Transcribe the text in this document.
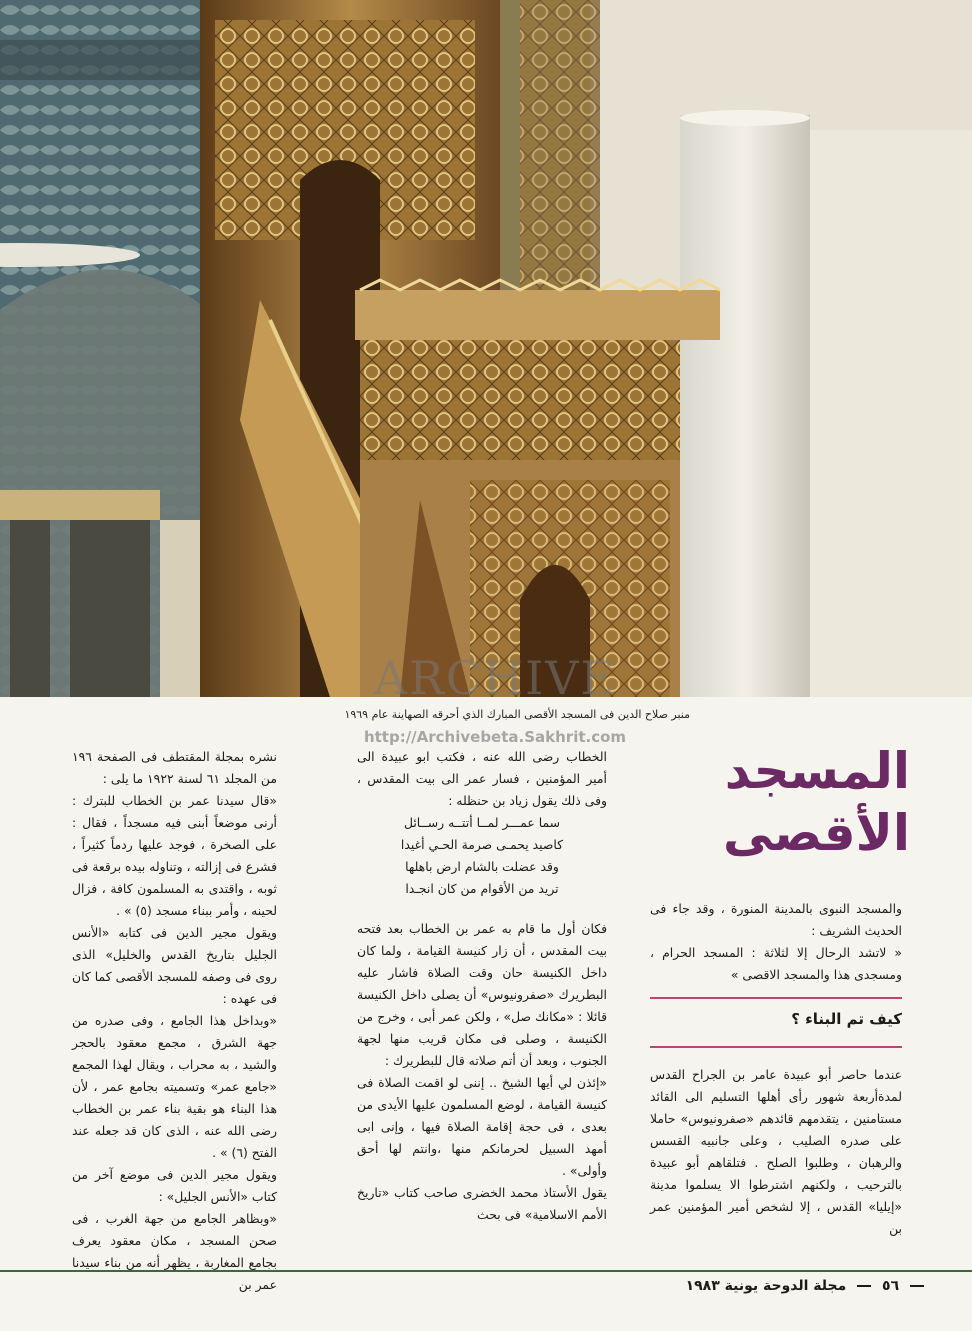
ARCHIVE
منبر صلاح الدين فى المسجد الأقصى المبارك الذي أحرقه الصهاينة عام ١٩٦٩
http://Archivebeta.Sakhrit.com

نشره بمجلة المقتطف فى الصفحة ١٩٦ من المجلد ٦١ لسنة ١٩٢٢ ما يلى :

«قال سيدنا عمر بن الخطاب للبترك : أرنى موضعاً أبنى فيه مسجداً ، فقال : على الصخرة ، فوجد عليها ردماً كثيراً ، فشرع فى إزالته ، وتناوله بيده برقعة فى ثوبه ، واقتدى به المسلمون كافة ، فزال لحينه ، وأمر ببناء مسجد (٥) » .

ويقول مجير الدين فى كتابه «الأنس الجليل بتاريخ القدس والخليل» الذى روى فى وصفه للمسجد الأقصى كما كان فى عهده :

«وبداخل هذا الجامع ، وفى صدره من جهة الشرق ، مجمع معقود بالحجر والشيد ، به محراب ، ويقال لهذا المجمع «جامع عمر» وتسميته بجامع عمر ، لأن هذا البناء هو بقية بناء عمر بن الخطاب رضى الله عنه ، الذى كان قد جعله عند الفتح (٦) » .

ويقول مجير الدين فى موضع آخر من كتاب «الأنس الجليل» :

«وبظاهر الجامع من جهة الغرب ، فى صحن المسجد ، مكان معقود يعرف بجامع المغاربة ، يظهر أنه من بناء سيدنا عمر بن

الخطاب رضى الله عنه ، فكتب ابو عبيدة الى أمير المؤمنين ، فسار عمر الى بيت المقدس ، وفى ذلك يقول زياد بن حنظله :

سما عمـــر لمــا أتتــه رســائل

كاصيد يحمـى صرمة الحـي أغيدا

وقد عضلت بالشام ارض باهلها

تريد من الأقوام من كان انجـدا

فكان أول ما قام به عمر بن الخطاب بعد فتحه بيت المقدس ، أن زار كنيسة القيامة ، ولما كان داخل الكنيسة حان وقت الصلاة فاشار عليه البطريرك «صفرونيوس» أن يصلى داخل الكنيسة قائلا : «مكانك صل» ، ولكن عمر أبى ، وخرج من الكنيسة ، وصلى فى مكان قريب منها لجهة الجنوب ، وبعد أن أتم صلاته قال للبطريرك :

«إئذن لي أيها الشيخ .. إننى لو اقمت الصلاة فى كنيسة القيامة ، لوضع المسلمون عليها الأيدى من بعدى ، فى حجة إقامة الصلاة فيها ، وإنى ابى أمهد السبيل لحرمانكم منها ،وانتم لها أحق وأولى» .

يقول الأستاذ محمد الخضرى صاحب كتاب «تاريخ الأمم الاسلامية» فى بحث

المسجد
الأقصى

والمسجد النبوى بالمدينة المنورة ، وقد جاء فى الحديث الشريف :

« لاتشد الرحال إلا لثلاثة : المسجد الحرام ، ومسجدى هذا والمسجد الاقصى »

كيف تم البناء ؟

عندما حاصر أبو عبيدة عامر بن الجراح القدس لمدةأربعة شهور رأى أهلها التسليم الى القائد مستامنين ، يتقدمهم قائدهم «صفرونيوس» حاملا على صدره الصليب ، وعلى جانبيه القسس والرهبان ، وطلبوا الصلح . فتلقاهم أبو عبيدة بالترحيب ، ولكنهم اشترطوا الا يسلموا مدينة «إيليا» القدس ، إلا لشخص أمير المؤمنين عمر بن

٥٦  مجلة الدوحة يونية ١٩٨٣
